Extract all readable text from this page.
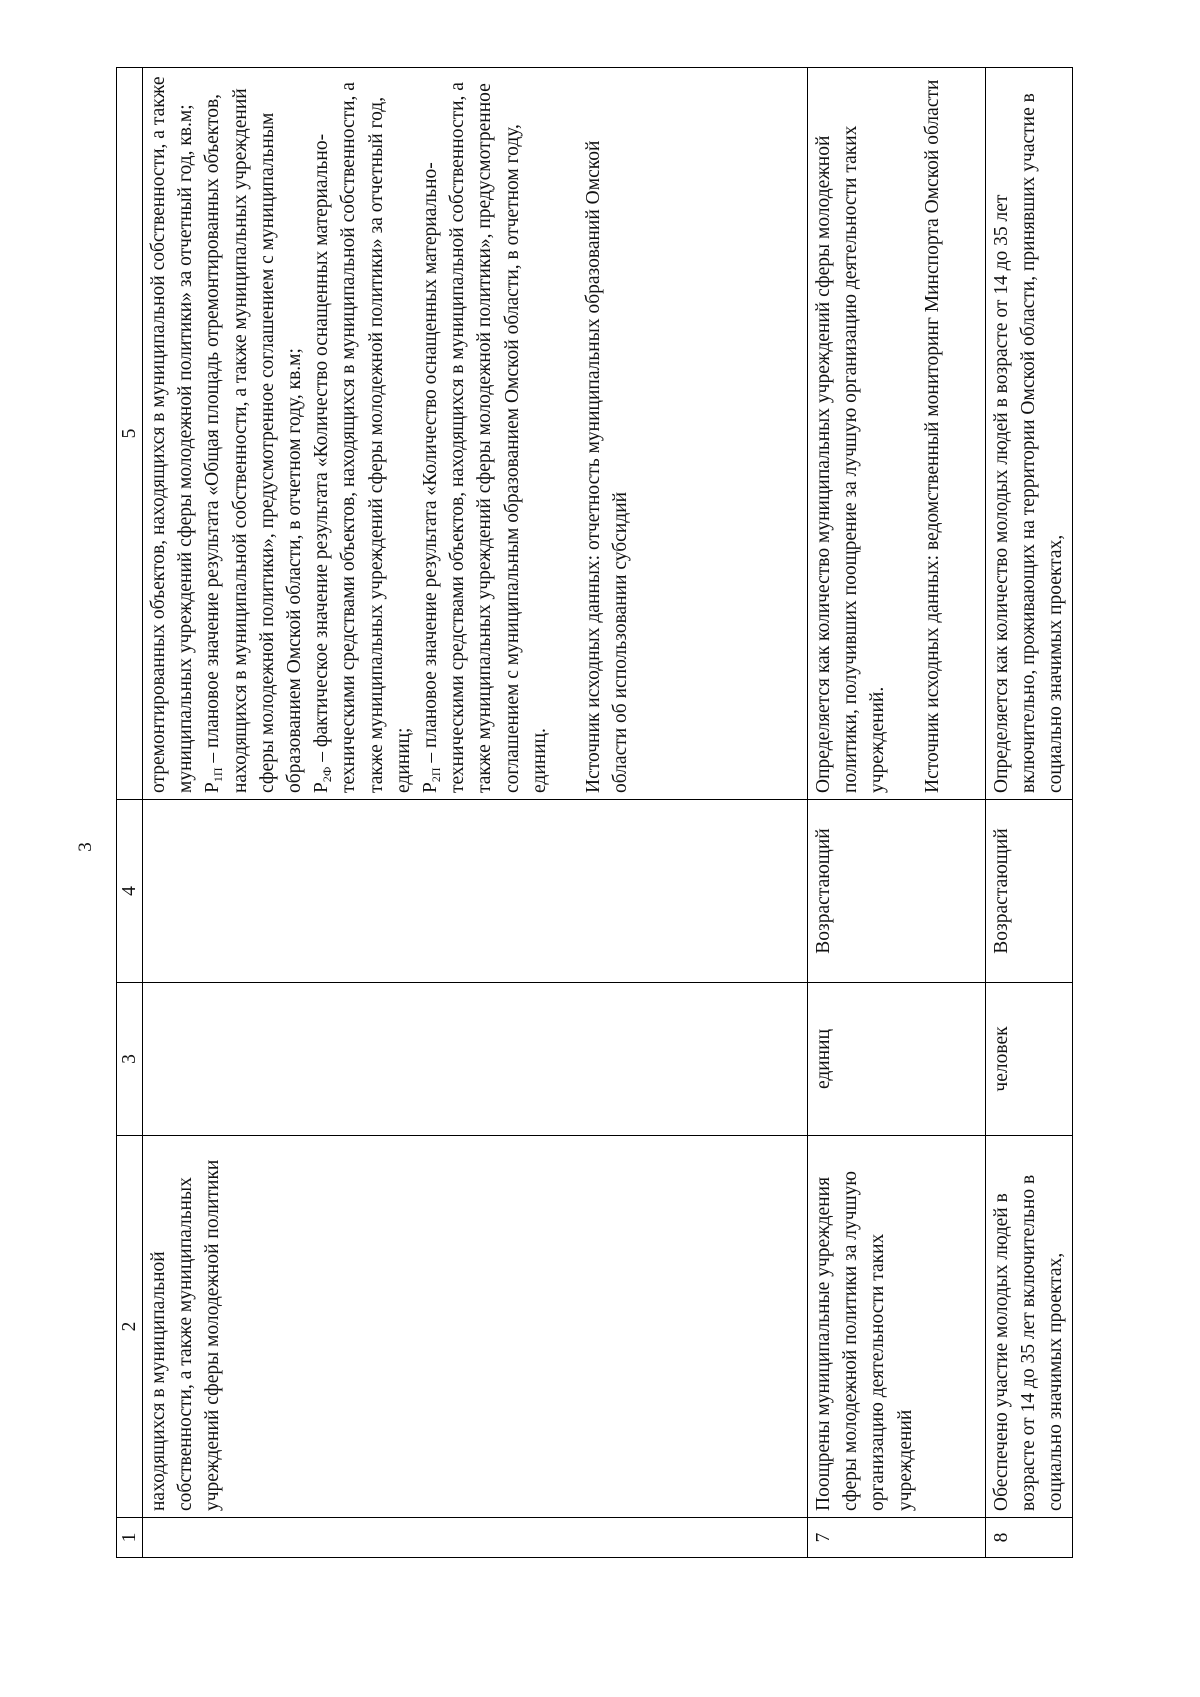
3
1	2	3	4	5
	находящихся в муниципальной собственности, а также муниципальных учреждений сферы молодежной политики			отремонтированных объектов, находящихся в муниципальной собственности, а также муниципальных учреждений сферы молодежной политики» за отчетный год, кв.м; $P_{1П}$ – плановое значение результата «Общая площадь отремонтированных объектов, находящихся в муниципальной собственности, а также муниципальных учреждений сферы молодежной политики», предусмотренное соглашением с муниципальным образованием Омской области, в отчетном году, кв.м; $P_{2Ф}$ – фактическое значение результата «Количество оснащенных материально-техническими средствами объектов, находящихся в муниципальной собственности, а также муниципальных учреждений сферы молодежной политики» за отчетный год, единиц; $P_{2П}$ – плановое значение результата «Количество оснащенных материально-техническими средствами объектов, находящихся в муниципальной собственности, а также муниципальных учреждений сферы молодежной политики», предусмотренное соглашением с муниципальным образованием Омской области, в отчетном году, единиц. Источник исходных данных: отчетность муниципальных образований Омской области об использовании субсидий

7	Поощрены муниципальные учреждения сферы молодежной политики за лучшую организацию деятельности таких учреждений	единиц	Возрастающий	Определяется как количество муниципальных учреждений сферы молодежной политики, получивших поощрение за лучшую организацию деятельности таких учреждений. Источник исходных данных: ведомственный мониторинг Минспорта Омской области

8	Обеспечено участие молодых людей в возрасте от 14 до 35 лет включительно в социально значимых проектах,	человек	Возрастающий	Определяется как количество молодых людей в возрасте от 14 до 35 лет включительно, проживающих на территории Омской области, принявших участие в социально значимых проектах,
